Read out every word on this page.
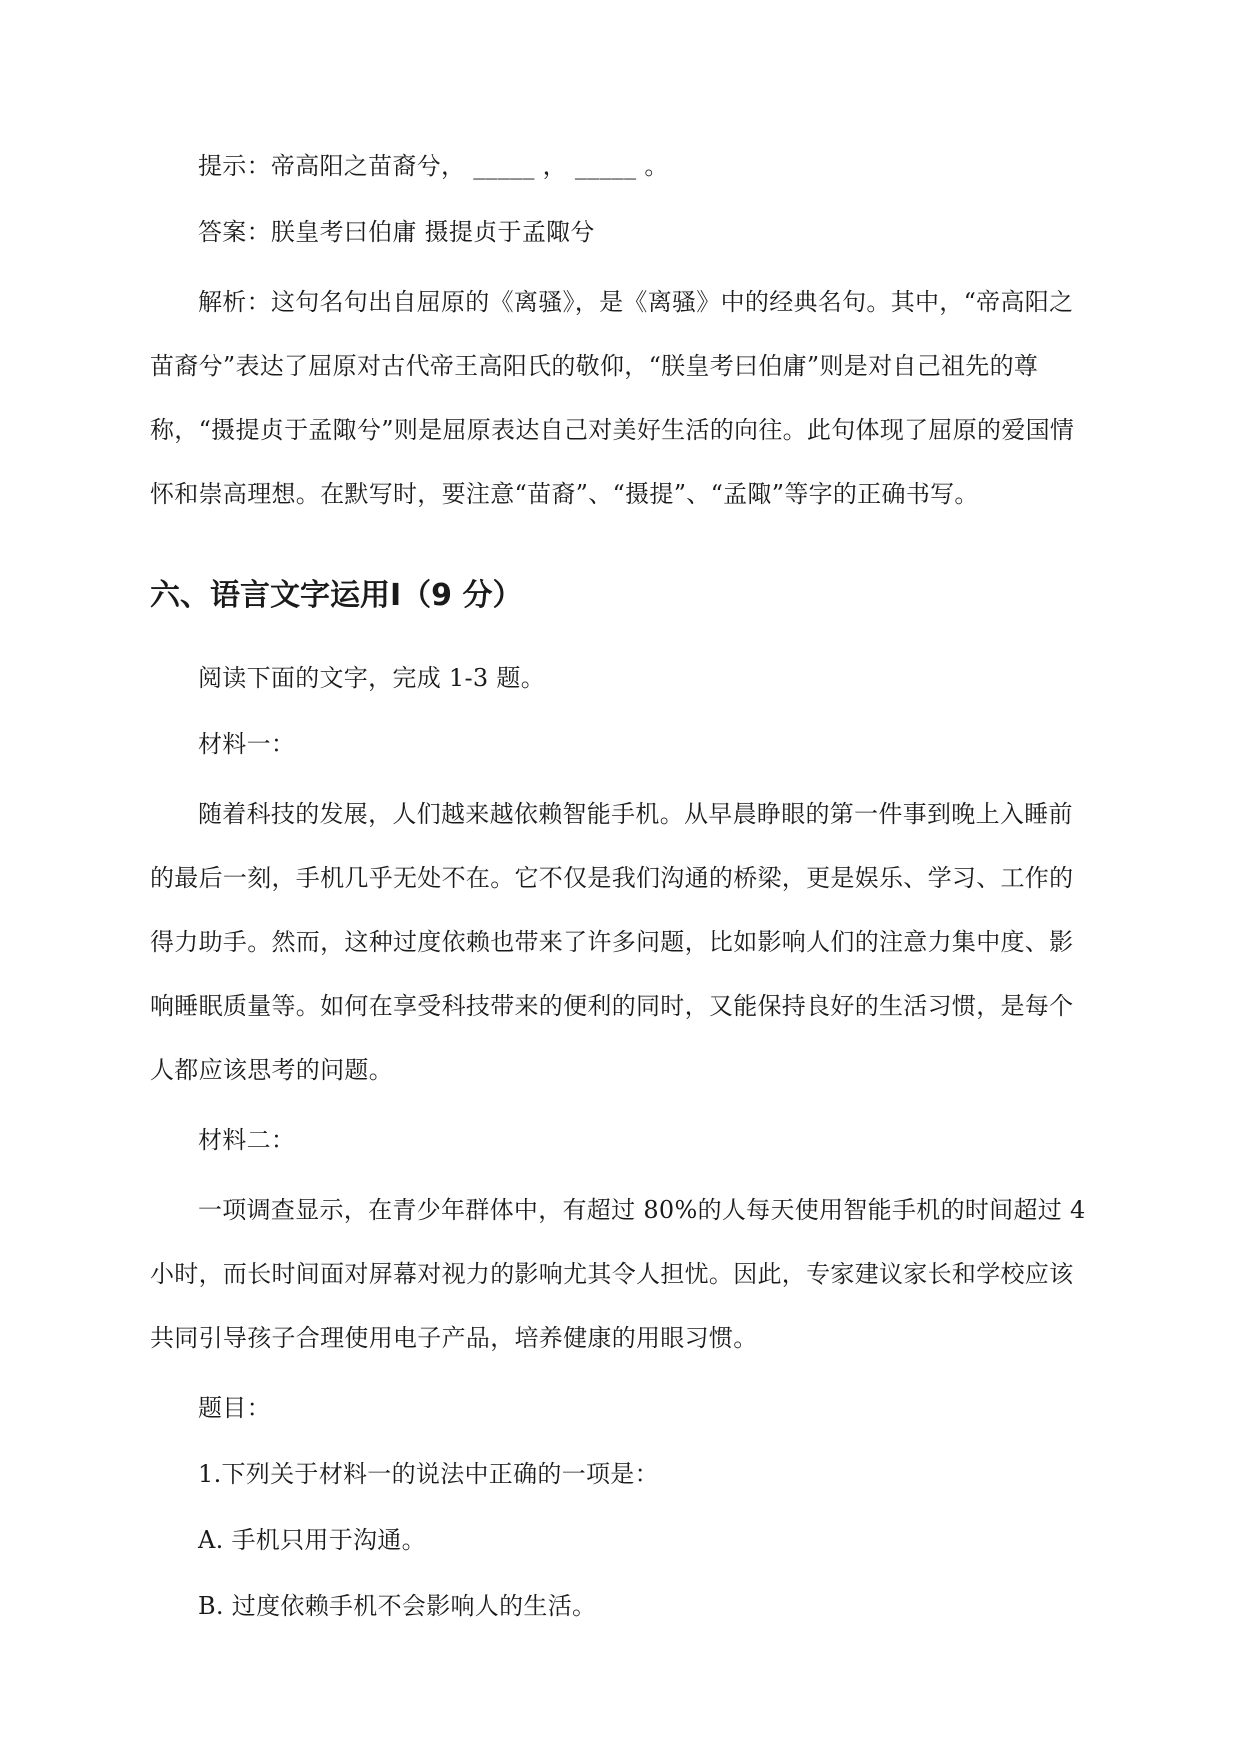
提示：帝高阳之苗裔兮， _____ ， _____ 。

答案：朕皇考曰伯庸 摄提贞于孟陬兮

解析：这句名句出自屈原的《离骚》，是《离骚》中的经典名句。其中，“帝高阳之苗裔兮”表达了屈原对古代帝王高阳氏的敬仰，“朕皇考曰伯庸”则是对自己祖先的尊称，“摄提贞于孟陬兮”则是屈原表达自己对美好生活的向往。此句体现了屈原的爱国情怀和崇高理想。在默写时，要注意“苗裔”、“摄提”、“孟陬”等字的正确书写。

六、语言文字运用Ⅰ（9 分）

阅读下面的文字，完成 1-3 题。

材料一：

随着科技的发展，人们越来越依赖智能手机。从早晨睁眼的第一件事到晚上入睡前的最后一刻，手机几乎无处不在。它不仅是我们沟通的桥梁，更是娱乐、学习、工作的得力助手。然而，这种过度依赖也带来了许多问题，比如影响人们的注意力集中度、影响睡眠质量等。如何在享受科技带来的便利的同时，又能保持良好的生活习惯，是每个人都应该思考的问题。

材料二：

一项调查显示，在青少年群体中，有超过 80%的人每天使用智能手机的时间超过 4 小时，而长时间面对屏幕对视力的影响尤其令人担忧。因此，专家建议家长和学校应该共同引导孩子合理使用电子产品，培养健康的用眼习惯。

题目：

1.下列关于材料一的说法中正确的一项是：

A. 手机只用于沟通。

B. 过度依赖手机不会影响人的生活。
